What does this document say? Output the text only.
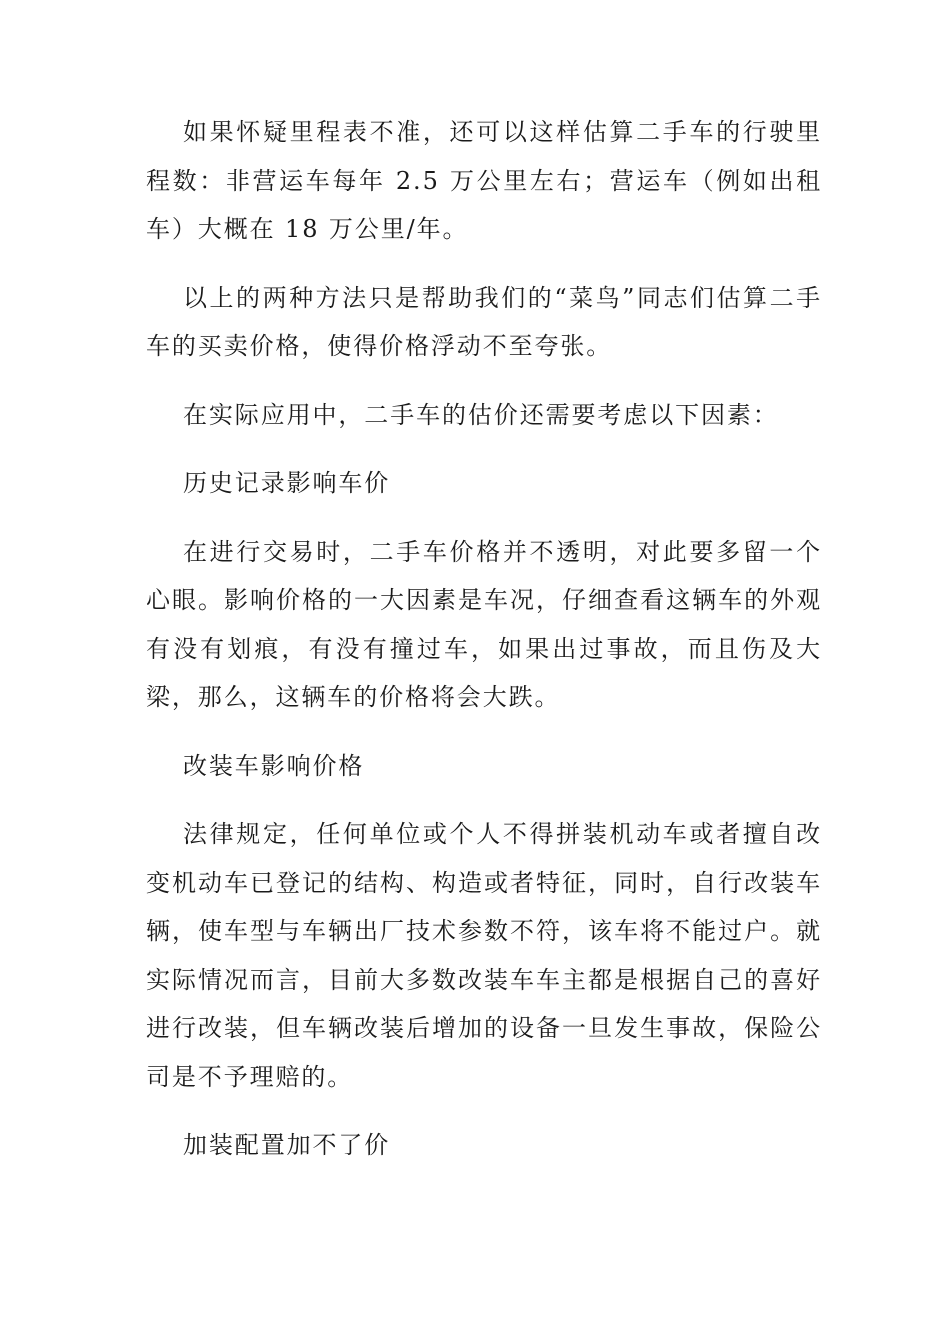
如果怀疑里程表不准，还可以这样估算二手车的行驶里程数：非营运车每年 2.5 万公里左右；营运车（例如出租车）大概在 18 万公里/年。

以上的两种方法只是帮助我们的“菜鸟”同志们估算二手车的买卖价格，使得价格浮动不至夸张。

在实际应用中，二手车的估价还需要考虑以下因素：

历史记录影响车价

在进行交易时，二手车价格并不透明，对此要多留一个心眼。影响价格的一大因素是车况，仔细查看这辆车的外观有没有划痕，有没有撞过车，如果出过事故，而且伤及大梁，那么，这辆车的价格将会大跌。

改装车影响价格

法律规定，任何单位或个人不得拼装机动车或者擅自改变机动车已登记的结构、构造或者特征，同时，自行改装车辆，使车型与车辆出厂技术参数不符，该车将不能过户。就实际情况而言，目前大多数改装车车主都是根据自己的喜好进行改装，但车辆改装后增加的设备一旦发生事故，保险公司是不予理赔的。

加装配置加不了价
